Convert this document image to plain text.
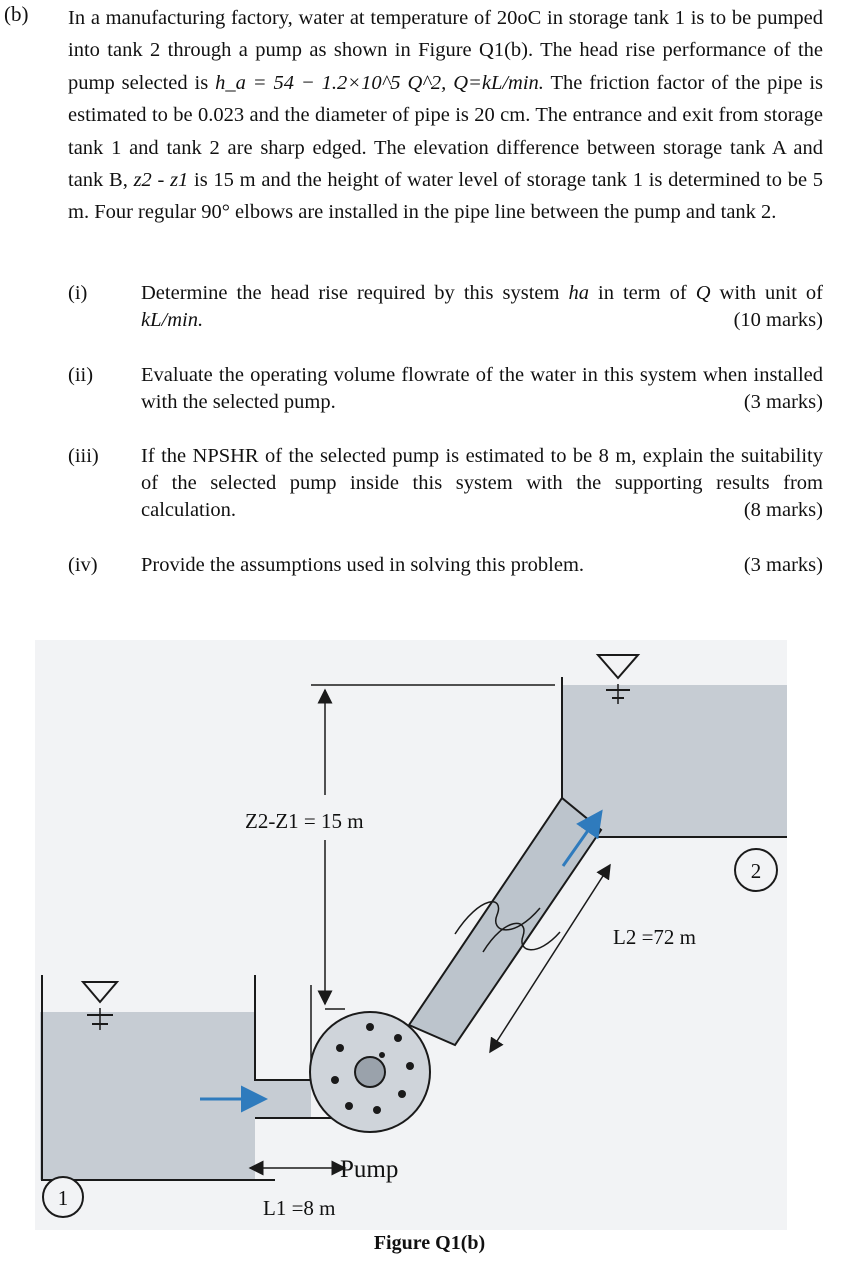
(b) In a manufacturing factory, water at temperature of 20oC in storage tank 1 is to be pumped into tank 2 through a pump as shown in Figure Q1(b). The head rise performance of the pump selected is h_a = 54 − 1.2×10^5 Q^2, Q=kL/min. The friction factor of the pipe is estimated to be 0.023 and the diameter of pipe is 20 cm. The entrance and exit from storage tank 1 and tank 2 are sharp edged. The elevation difference between storage tank A and tank B, z2 - z1 is 15 m and the height of water level of storage tank 1 is determined to be 5 m. Four regular 90° elbows are installed in the pipe line between the pump and tank 2.
(i)	Determine the head rise required by this system ha in term of Q with unit of kL/min.	(10 marks)
(ii) Evaluate the operating volume flowrate of the water in this system when installed with the selected pump.	(3 marks)
(iii) If the NPSHR of the selected pump is estimated to be 8 m, explain the suitability of the selected pump inside this system with the supporting results from calculation.	(8 marks)
(iv) Provide the assumptions used in solving this problem.	(3 marks)
Z2-Z1 = 15 m
L2 =72 m
Pump
L1 =8 m
1
2
Figure Q1(b)
